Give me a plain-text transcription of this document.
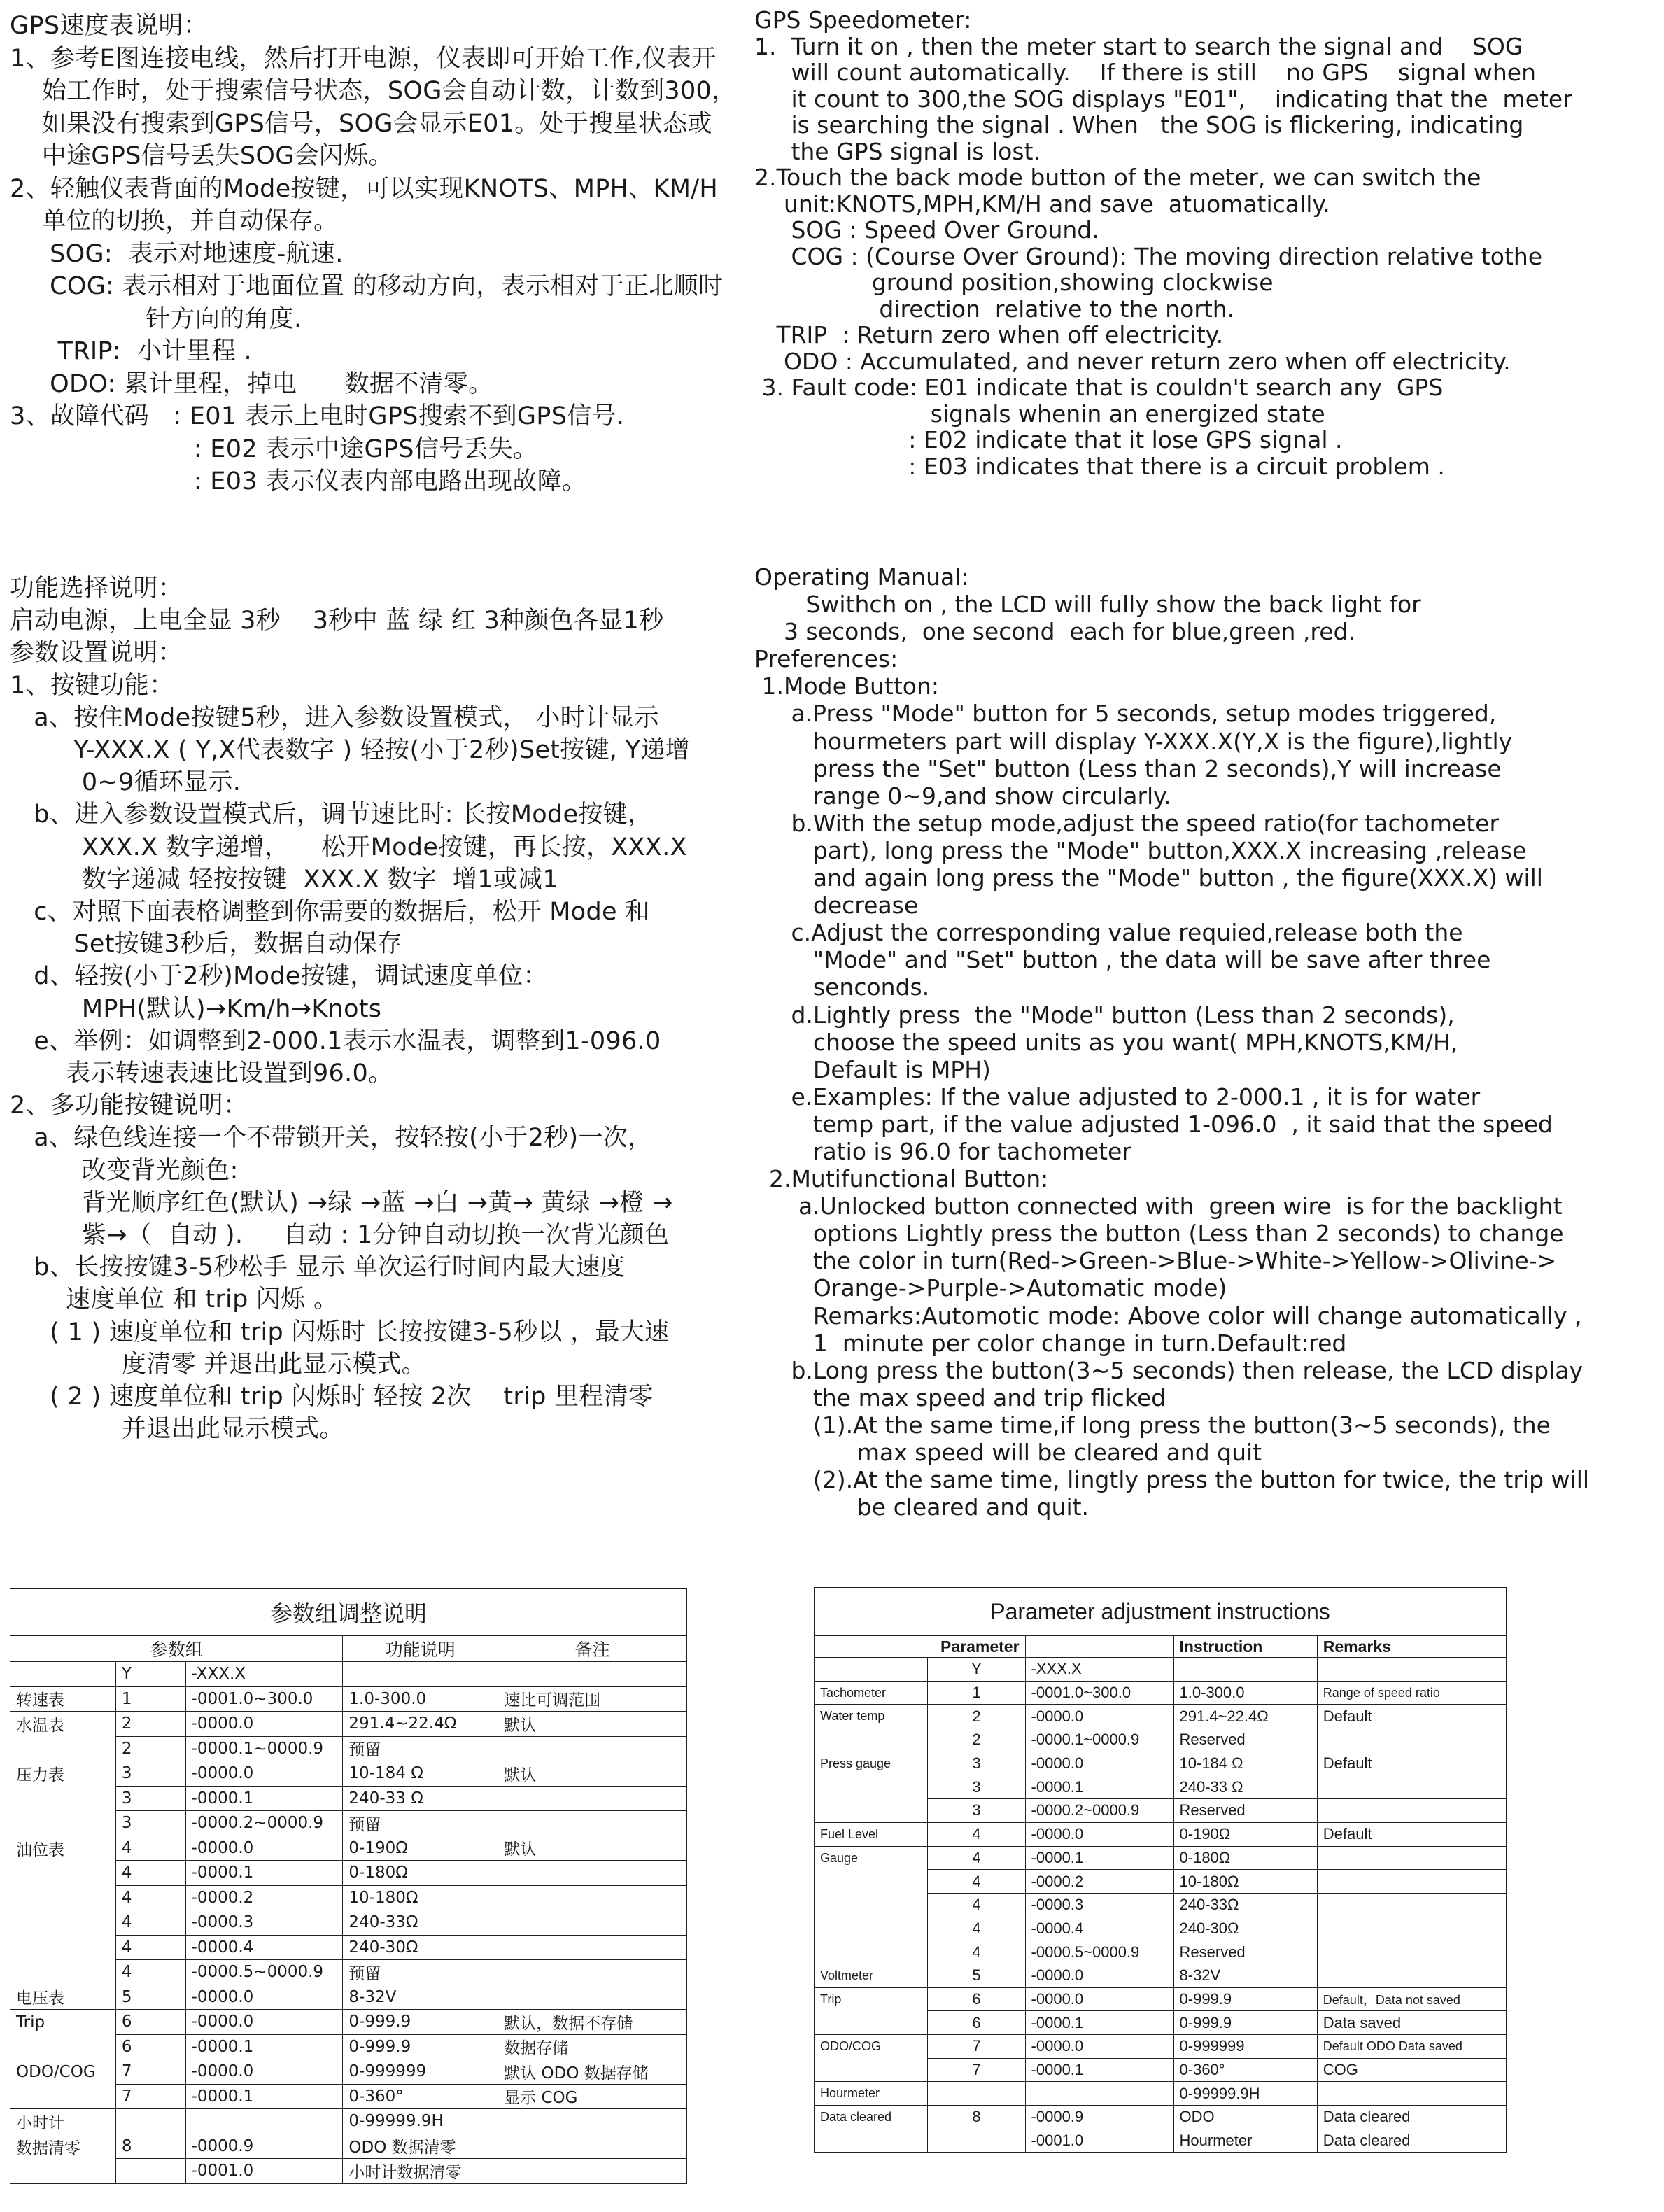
GPS速度表说明：
1、参考E图连接电线，然后打开电源，仪表即可开始工作,仪表开
始工作时，处于搜索信号状态，SOG会自动计数，计数到300，
如果没有搜索到GPS信号，SOG会显示E01。处于搜星状态或
中途GPS信号丢失SOG会闪烁。
2、轻触仪表背面的Mode按键，可以实现KNOTS、MPH、KM/H
单位的切换，并自动保存。
SOG:  表示对地速度-航速.
COG: 表示相对于地面位置 的移动方向，表示相对于正北顺时
针方向的角度.
TRIP:  小计里程 .
ODO: 累计里程，掉电      数据不清零。
3、故障代码   : E01 表示上电时GPS搜索不到GPS信号.
: E02 表示中途GPS信号丢失。
: E03 表示仪表内部电路出现故障。
GPS Speedometer:
1.  Turn it on , then the meter start to search the signal and    SOG
will count automatically.    If there is still    no GPS    signal when
it count to 300,the SOG displays "E01",    indicating that the  meter
is searching the signal . When   the SOG is flickering, indicating
the GPS signal is lost.
2.Touch the back mode button of the meter, we can switch the
unit:KNOTS,MPH,KM/H and save  atuomatically.
SOG : Speed Over Ground.
COG : (Course Over Ground): The moving direction relative tothe
ground position,showing clockwise
direction  relative to the north.
TRIP  : Return zero when off electricity.
ODO : Accumulated, and never return zero when off electricity.
3. Fault code: E01 indicate that is couldn't search any  GPS
signals whenin an energized state
: E02 indicate that it lose GPS signal .
: E03 indicates that there is a circuit problem .
功能选择说明：
启动电源，上电全显 3秒    3秒中 蓝 绿 红 3种颜色各显1秒
参数设置说明：
1、按键功能：
a、按住Mode按键5秒，进入参数设置模式， 小时计显示
Y-XXX.X ( Y,X代表数字 ) 轻按(小于2秒)Set按键, Y递增
0~9循环显示.
b、进入参数设置模式后，调节速比时: 长按Mode按键，
XXX.X 数字递增，    松开Mode按键，再长按，XXX.X
数字递减 轻按按键  XXX.X 数字  增1或减1
c、对照下面表格调整到你需要的数据后，松开 Mode 和
Set按键3秒后，数据自动保存
d、轻按(小于2秒)Mode按键，调试速度单位：
MPH(默认)→Km/h→Knots
e、举例：如调整到2-000.1表示水温表，调整到1-096.0
表示转速表速比设置到96.0。
2、多功能按键说明：
a、绿色线连接一个不带锁开关，按轻按(小于2秒)一次，
改变背光颜色:
背光顺序红色(默认) →绿 →蓝 →白 →黄→ 黄绿 →橙 →
紫→（  自动 ).     自动 : 1分钟自动切换一次背光颜色
b、长按按键3-5秒松手 显示 单次运行时间内最大速度
速度单位 和 trip 闪烁 。
( 1 ) 速度单位和 trip 闪烁时 长按按键3-5秒以 ，最大速
度清零 并退出此显示模式。
( 2 ) 速度单位和 trip 闪烁时 轻按 2次    trip 里程清零
并退出此显示模式。
Operating Manual:
Swithch on , the LCD will fully show the back light for
3 seconds,  one second  each for blue,green ,red.
Preferences:
1.Mode Button:
a.Press "Mode" button for 5 seconds, setup modes triggered,
hourmeters part will display Y-XXX.X(Y,X is the figure),lightly
press the "Set" button (Less than 2 seconds),Y will increase
range 0~9,and show circularly.
b.With the setup mode,adjust the speed ratio(for tachometer
part), long press the "Mode" button,XXX.X increasing ,release
and again long press the "Mode" button , the figure(XXX.X) will
decrease
c.Adjust the corresponding value requied,release both the
"Mode" and "Set" button , the data will be save after three
senconds.
d.Lightly press  the "Mode" button (Less than 2 seconds),
choose the speed units as you want( MPH,KNOTS,KM/H,
Default is MPH)
e.Examples: If the value adjusted to 2-000.1 , it is for water
temp part, if the value adjusted 1-096.0  , it said that the speed
ratio is 96.0 for tachometer
2.Mutifunctional Button:
a.Unlocked button connected with  green wire  is for the backlight
options Lightly press the button (Less than 2 seconds) to change
the color in turn(Red->Green->Blue->White->Yellow->Olivine->
Orange->Purple->Automatic mode)
Remarks:Automotic mode: Above color will change automatically ,
1  minute per color change in turn.Default:red
b.Long press the button(3~5 seconds) then release, the LCD display
the max speed and trip flicked
(1).At the same time,if long press the button(3~5 seconds), the
max speed will be cleared and quit
(2).At the same time, lingtly press the button for twice, the trip will
be cleared and quit.
参数组调整说明				
参数组			功能说明	备注
	Y	-XXX.X		
转速表	1	-0001.0~300.0	1.0-300.0	速比可调范围
水温表	2	-0000.0	291.4~22.4Ω	默认
	2	-0000.1~0000.9	预留	
压力表	3	-0000.0	10-184 Ω	默认
	3	-0000.1	240-33 Ω	
	3	-0000.2~0000.9	预留	
油位表	4	-0000.0	0-190Ω	默认
	4	-0000.1	0-180Ω	
	4	-0000.2	10-180Ω	
	4	-0000.3	240-33Ω	
	4	-0000.4	240-30Ω	
	4	-0000.5~0000.9	预留	
电压表	5	-0000.0	8-32V	
Trip	6	-0000.0	0-999.9	默认，数据不存储
	6	-0000.1	0-999.9	数据存储
ODO/COG	7	-0000.0	0-999999	默认 ODO 数据存储
	7	-0000.1	0-360°	显示 COG
小时计			0-99999.9H	
数据清零	8	-0000.9	ODO 数据清零	
		-0001.0	小时计数据清零	
Parameter adjustment instructions				
Parameter			Instruction	Remarks
	Y	-XXX.X		
Tachometer	1	-0001.0~300.0	1.0-300.0	Range of speed ratio
Water temp	2	-0000.0	291.4~22.4Ω	Default
	2	-0000.1~0000.9	Reserved	
Press gauge	3	-0000.0	10-184 Ω	Default
	3	-0000.1	240-33 Ω	
	3	-0000.2~0000.9	Reserved	
Fuel Level	4	-0000.0	0-190Ω	Default
Gauge	4	-0000.1	0-180Ω	
	4	-0000.2	10-180Ω	
	4	-0000.3	240-33Ω	
	4	-0000.4	240-30Ω	
	4	-0000.5~0000.9	Reserved	
Voltmeter	5	-0000.0	8-32V	
Trip	6	-0000.0	0-999.9	Default，Data not saved
	6	-0000.1	0-999.9	Data saved
ODO/COG	7	-0000.0	0-999999	Default ODO Data saved
	7	-0000.1	0-360°	COG
Hourmeter			0-99999.9H	
Data cleared	8	-0000.9	ODO	Data cleared
		-0001.0	Hourmeter	Data cleared
